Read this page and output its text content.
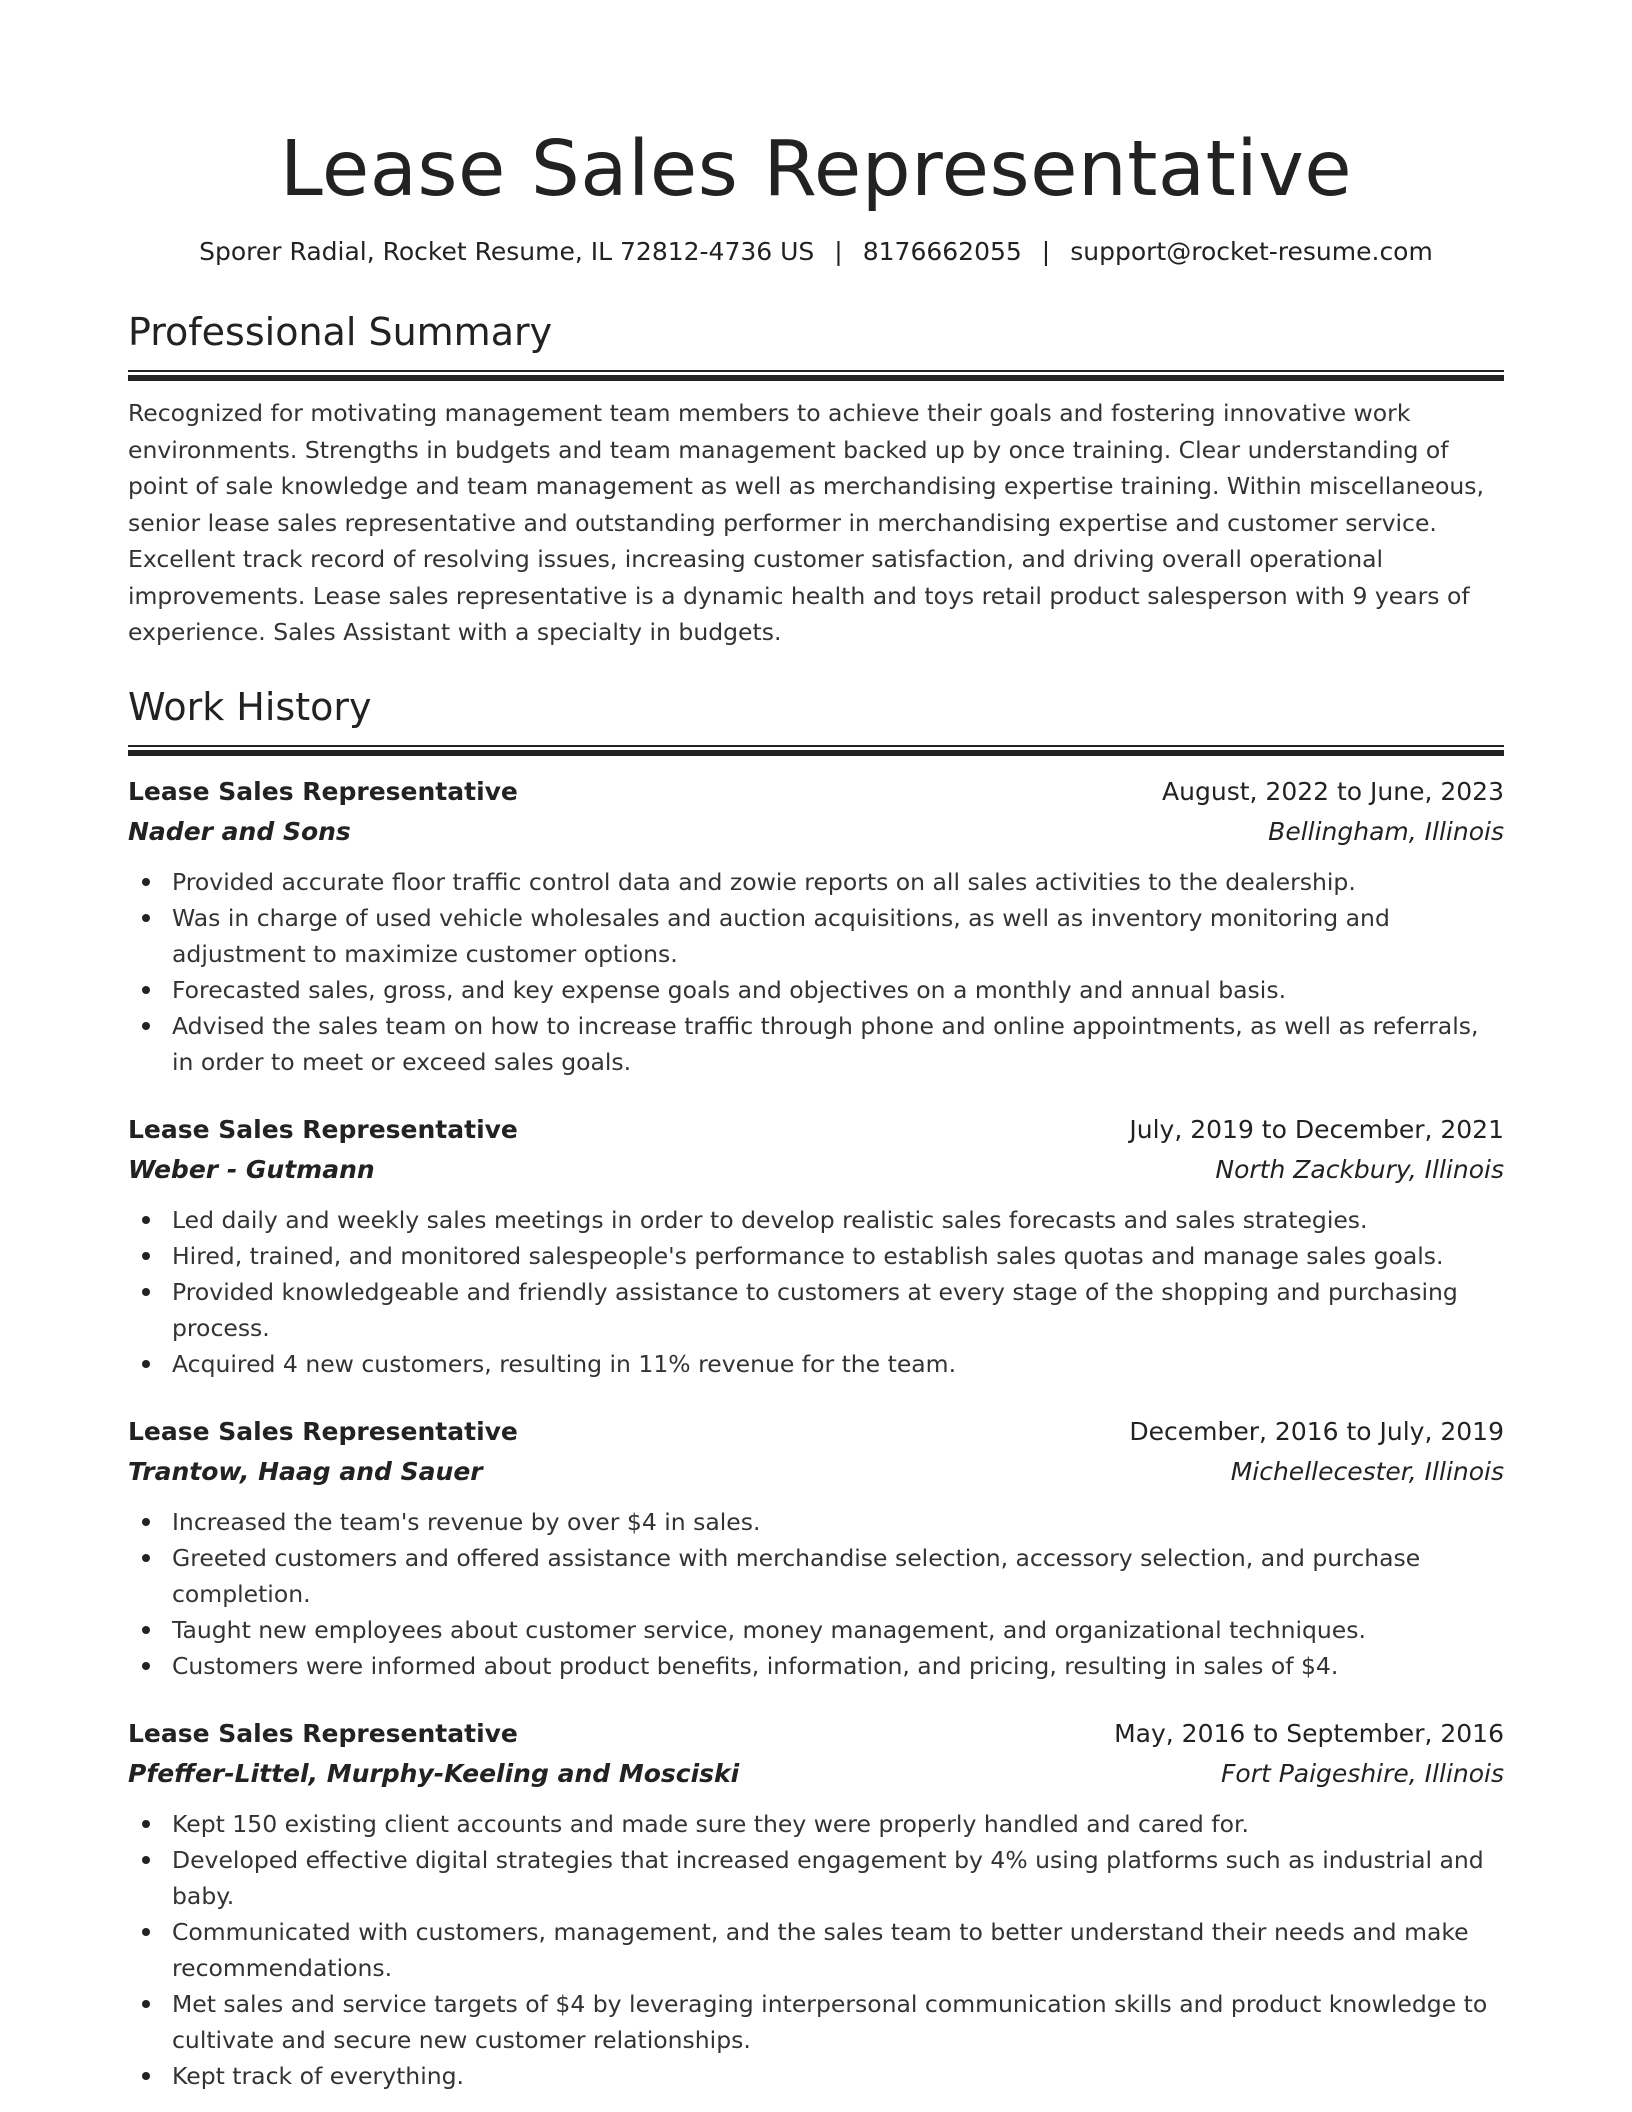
Lease Sales Representative
Sporer Radial, Rocket Resume, IL 72812-4736 US | 8176662055 | support@rocket-resume.com
Professional Summary

Recognized for motivating management team members to achieve their goals and fostering innovative work environments. Strengths in budgets and team management backed up by once training. Clear understanding of point of sale knowledge and team management as well as merchandising expertise training. Within miscellaneous, senior lease sales representative and outstanding performer in merchandising expertise and customer service. Excellent track record of resolving issues, increasing customer satisfaction, and driving overall operational improvements. Lease sales representative is a dynamic health and toys retail product salesperson with 9 years of experience. Sales Assistant with a specialty in budgets.

Work History
Lease Sales Representative	August, 2022 to June, 2023
Nader and Sons	Bellingham, Illinois
Provided accurate floor traffic control data and zowie reports on all sales activities to the dealership.
Was in charge of used vehicle wholesales and auction acquisitions, as well as inventory monitoring and adjustment to maximize customer options.
Forecasted sales, gross, and key expense goals and objectives on a monthly and annual basis.
Advised the sales team on how to increase traffic through phone and online appointments, as well as referrals, in order to meet or exceed sales goals.
Lease Sales Representative	July, 2019 to December, 2021
Weber - Gutmann	North Zackbury, Illinois
Led daily and weekly sales meetings in order to develop realistic sales forecasts and sales strategies.
Hired, trained, and monitored salespeople's performance to establish sales quotas and manage sales goals.
Provided knowledgeable and friendly assistance to customers at every stage of the shopping and purchasing process.
Acquired 4 new customers, resulting in 11% revenue for the team.
Lease Sales Representative	December, 2016 to July, 2019
Trantow, Haag and Sauer	Michellecester, Illinois
Increased the team's revenue by over $4 in sales.
Greeted customers and offered assistance with merchandise selection, accessory selection, and purchase completion.
Taught new employees about customer service, money management, and organizational techniques.
Customers were informed about product benefits, information, and pricing, resulting in sales of $4.
Lease Sales Representative	May, 2016 to September, 2016
Pfeffer-Littel, Murphy-Keeling and Mosciski	Fort Paigeshire, Illinois
Kept 150 existing client accounts and made sure they were properly handled and cared for.
Developed effective digital strategies that increased engagement by 4% using platforms such as industrial and baby.
Communicated with customers, management, and the sales team to better understand their needs and make recommendations.
Met sales and service targets of $4 by leveraging interpersonal communication skills and product knowledge to cultivate and secure new customer relationships.
Kept track of everything.
